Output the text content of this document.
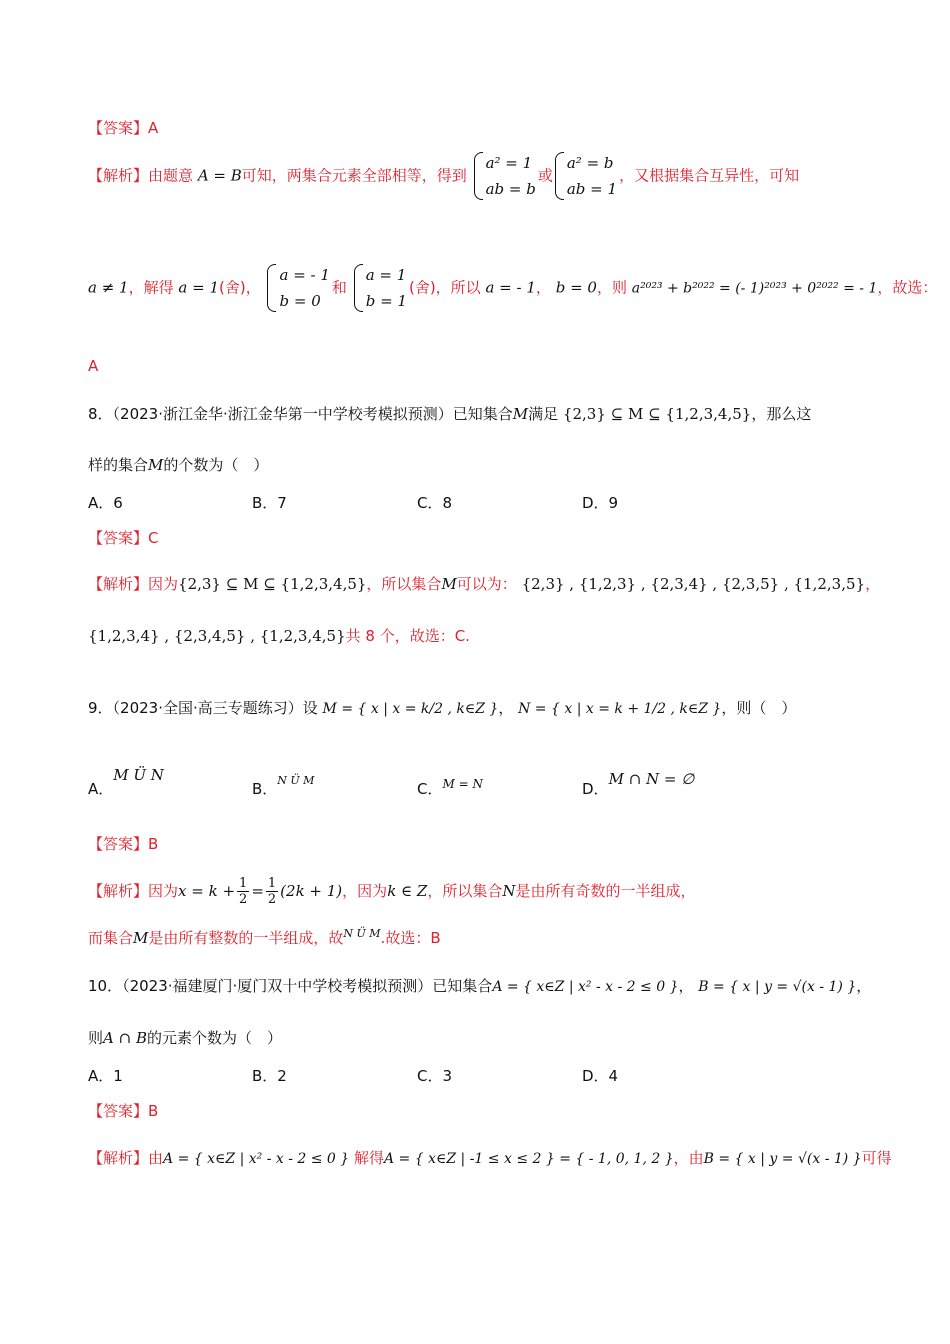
【答案】A
【解析】由题意 A = B可知，两集合元素全部相等，得到
a² = 1
ab = b
或
a² = b
ab = 1
，又根据集合互异性，可知
a ≠ 1，解得 a = 1(舍)，
a = - 1
b = 0
和
a = 1
b = 1
(舍)，所以 a = - 1， b = 0，则 a²⁰²³ + b²⁰²² = (- 1)²⁰²³ + 0²⁰²² = - 1，故选：
A
8．（2023·浙江金华·浙江金华第一中学校考模拟预测）已知集合M满足 {2,3} ⊆ M ⊆ {1,2,3,4,5}，那么这
样的集合M的个数为（　）
A．6	B．7	C．8	D．9
【答案】C
【解析】因为{2,3} ⊆ M ⊆ {1,2,3,4,5}，所以集合M可以为： {2,3} , {1,2,3} , {2,3,4} , {2,3,5} , {1,2,3,5}，
{1,2,3,4} , {2,3,4,5} , {1,2,3,4,5}共 8 个，故选：C.
9．（2023·全国·高三专题练习）设 M = { x | x = k/2 , k∈Z }， N = { x | x = k + 1/2 , k∈Z }，则（　）
A．M Ü N
B．$^{N Ü M}$	C．$^{M = N}$	D．M ∩ N = ∅
【答案】B
【解析】因为$x = k + \frac{1}{2} = \frac{1}{2} (2k + 1)$，因为k ∈ Z，所以集合N是由所有奇数的一半组成，
而集合M是由所有整数的一半组成，故$^{N Ü M}$.故选：B
10．（2023·福建厦门·厦门双十中学校考模拟预测）已知集合A = { x∈Z | x² - x - 2 ≤ 0 }， B = { x | y = √(x - 1) }，
则A ∩ B的元素个数为（　）
A．1	B．2	C．3	D．4
【答案】B
【解析】由A = { x∈Z | x² - x - 2 ≤ 0 } 解得A = { x∈Z | -1 ≤ x ≤ 2 } = { - 1, 0, 1, 2 }，由B = { x | y = √(x - 1) }可得
